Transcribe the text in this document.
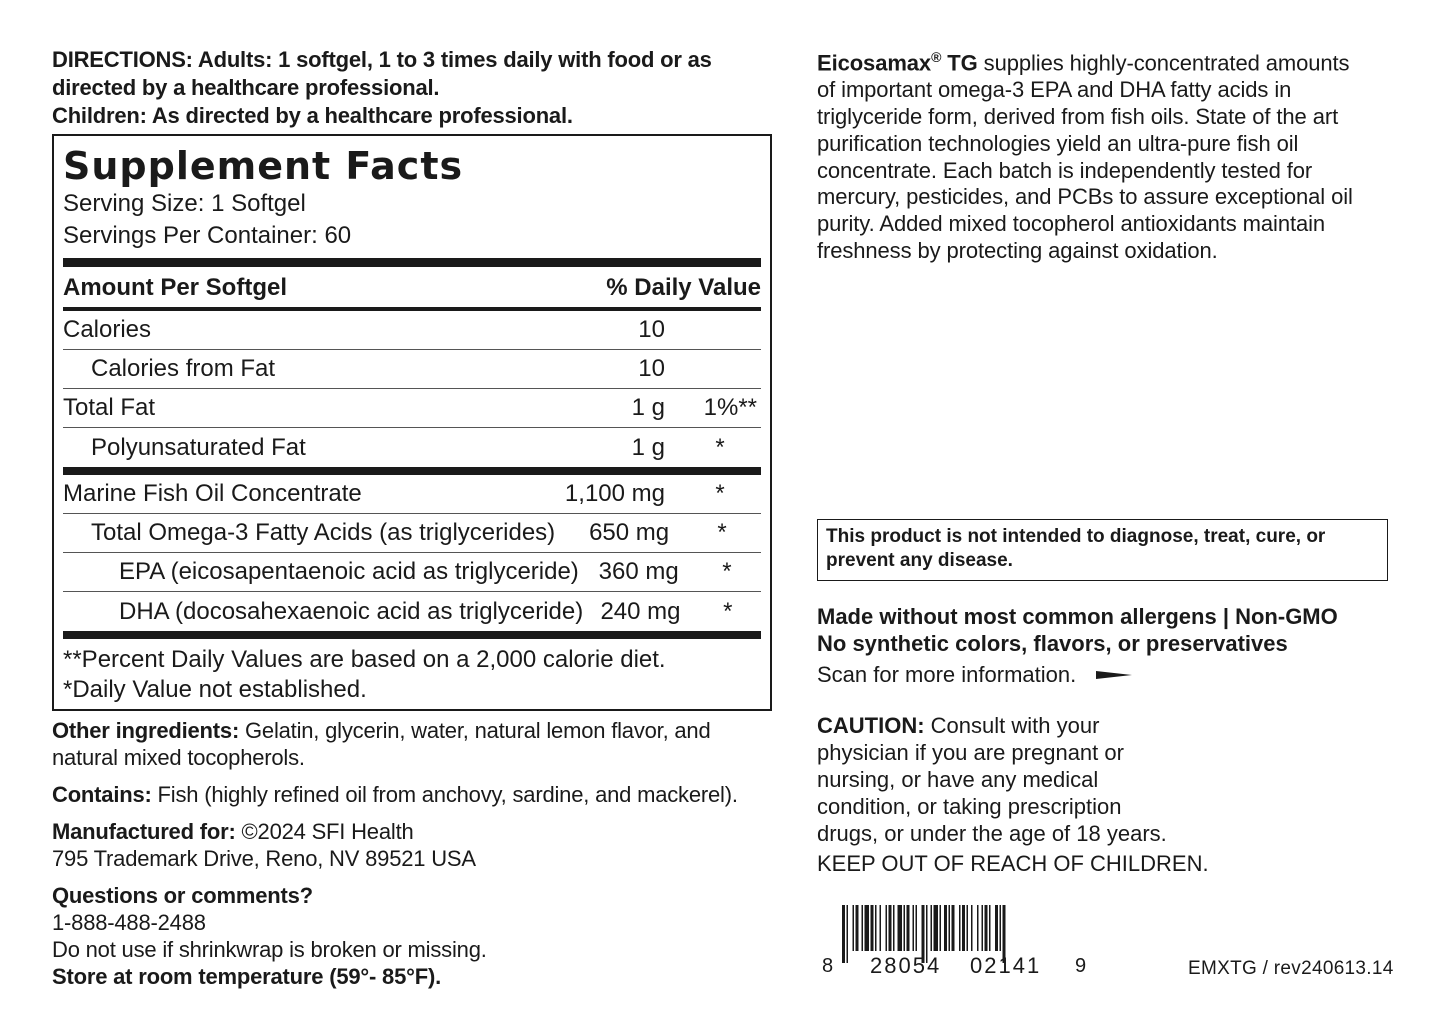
DIRECTIONS: Adults: 1 softgel, 1 to 3 times daily with food or as

directed by a healthcare professional.

Children: As directed by a healthcare professional.

Supplement Facts
Serving Size: 1 Softgel
Servings Per Container: 60
Amount Per Softgel	% Daily Value
Calories	10
Calories from Fat	10
Total Fat	1 g	1%**
Polyunsaturated Fat	1 g	*
Marine Fish Oil Concentrate	1,100 mg	*
Total Omega-3 Fatty Acids (as triglycerides)	650 mg	*
EPA (eicosapentaenoic acid as triglyceride) 360 mg	*
DHA (docosahexaenoic acid as triglyceride) 240 mg	*
**Percent Daily Values are based on a 2,000 calorie diet.
*Daily Value not established.
Other ingredients: Gelatin, glycerin, water, natural lemon flavor, and
natural mixed tocopherols.
Contains: Fish (highly refined oil from anchovy, sardine, and mackerel).
Manufactured for: ©2024 SFI Health
795 Trademark Drive, Reno, NV 89521 USA
Questions or comments?
1-888-488-2488
Do not use if shrinkwrap is broken or missing.
Store at room temperature (59°- 85°F).
Eicosamax® TG supplies highly-concentrated amounts
of important omega-3 EPA and DHA fatty acids in
triglyceride form, derived from fish oils. State of the art
purification technologies yield an ultra-pure fish oil
concentrate. Each batch is independently tested for
mercury, pesticides, and PCBs to assure exceptional oil
purity. Added mixed tocopherol antioxidants maintain
freshness by protecting against oxidation.
This product is not intended to diagnose, treat, cure, or
prevent any disease.
Made without most common allergens | Non-GMO
No synthetic colors, flavors, or preservatives
Scan for more information.
CAUTION: Consult with your
physician if you are pregnant or
nursing, or have any medical
condition, or taking prescription
drugs, or under the age of 18 years.
KEEP OUT OF REACH OF CHILDREN.
8 28054 02141 9	EMXTG / rev240613.14
